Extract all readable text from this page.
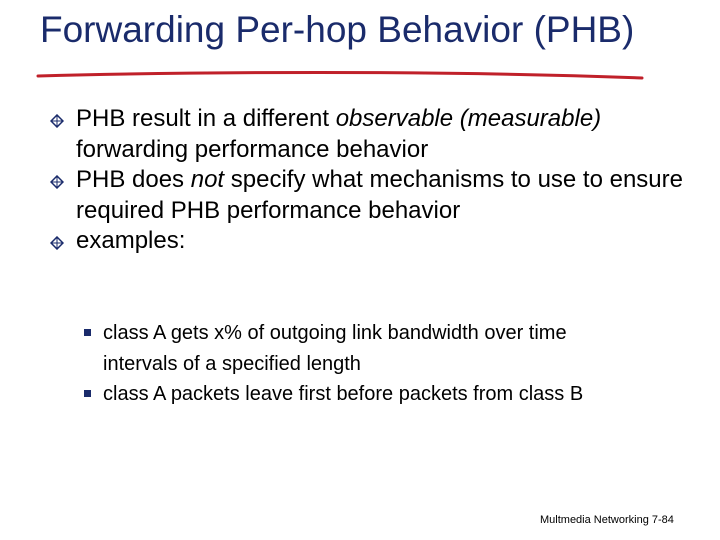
Forwarding Per-hop Behavior (PHB)
PHB result in a different observable (measurable) forwarding performance behavior
PHB does not specify what mechanisms to use to ensure required PHB performance behavior
examples:
class A gets x% of outgoing link bandwidth over time intervals of a specified length
class A packets leave first before packets from class B
Multmedia Networking 7-84
